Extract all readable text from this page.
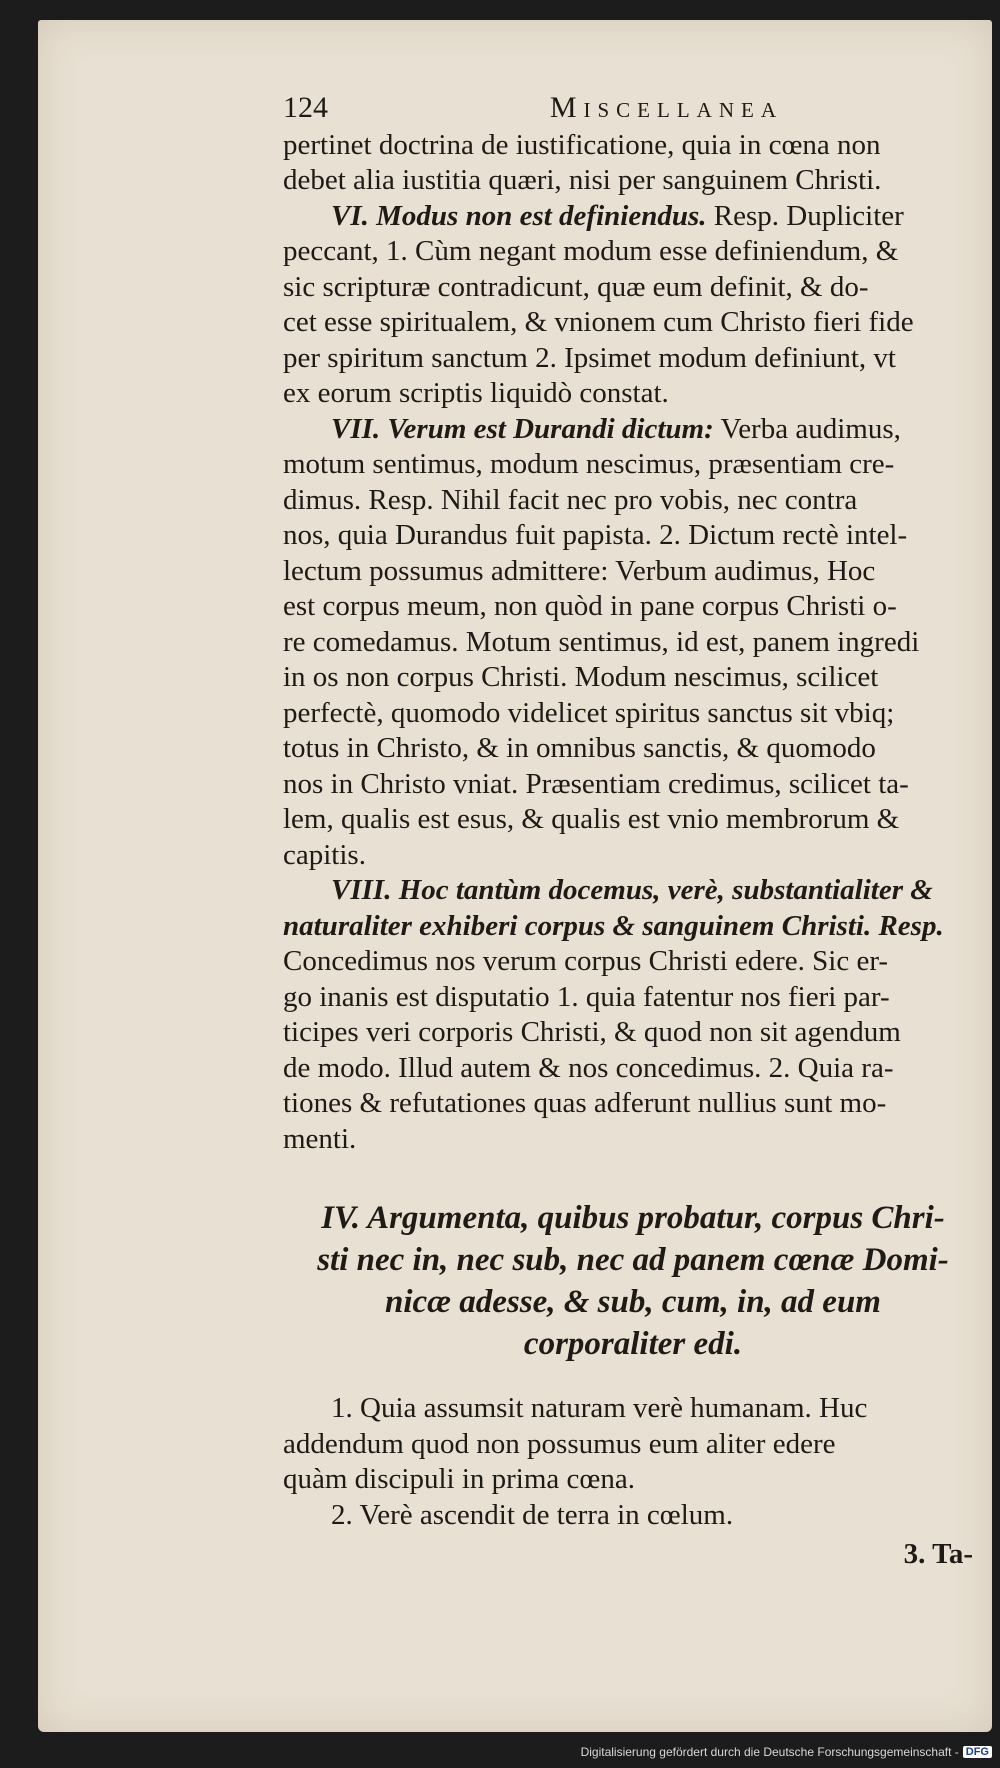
124	Miscellanea
pertinet doctrina de iustificatione, quia in cœna non
debet alia iustitia quæri, nisi per sanguinem Christi.
VI. Modus non est definiendus. Resp. Dupliciter
peccant, 1. Cùm negant modum esse definiendum, &
sic scripturæ contradicunt, quæ eum definit, & do-
cet esse spiritualem, & vnionem cum Christo fieri fide
per spiritum sanctum 2. Ipsimet modum definiunt, vt
ex eorum scriptis liquidò constat.
VII. Verum est Durandi dictum: Verba audimus,
motum sentimus, modum nescimus, præsentiam cre-
dimus. Resp. Nihil facit nec pro vobis, nec contra
nos, quia Durandus fuit papista. 2. Dictum rectè intel-
lectum possumus admittere: Verbum audimus, Hoc
est corpus meum, non quòd in pane corpus Christi o-
re comedamus. Motum sentimus, id est, panem ingredi
in os non corpus Christi. Modum nescimus, scilicet
perfectè, quomodo videlicet spiritus sanctus sit vbiq;
totus in Christo, & in omnibus sanctis, & quomodo
nos in Christo vniat. Præsentiam credimus, scilicet ta-
lem, qualis est esus, & qualis est vnio membrorum &
capitis.
VIII. Hoc tantùm docemus, verè, substantialiter &
naturaliter exhiberi corpus & sanguinem Christi. Resp.
Concedimus nos verum corpus Christi edere. Sic er-
go inanis est disputatio 1. quia fatentur nos fieri par-
ticipes veri corporis Christi, & quod non sit agendum
de modo. Illud autem & nos concedimus. 2. Quia ra-
tiones & refutationes quas adferunt nullius sunt mo-
menti.
IV. Argumenta, quibus probatur, corpus Chri-
sti nec in, nec sub, nec ad panem cœnæ Domi-
nicæ adesse, & sub, cum, in, ad eum
corporaliter edi.
1. Quia assumsit naturam verè humanam. Huc
addendum quod non possumus eum aliter edere
quàm discipuli in prima cœna.
2. Verè ascendit de terra in cœlum.
3. Ta-
Digitalisierung gefördert durch die Deutsche Forschungsgemeinschaft - DFG
